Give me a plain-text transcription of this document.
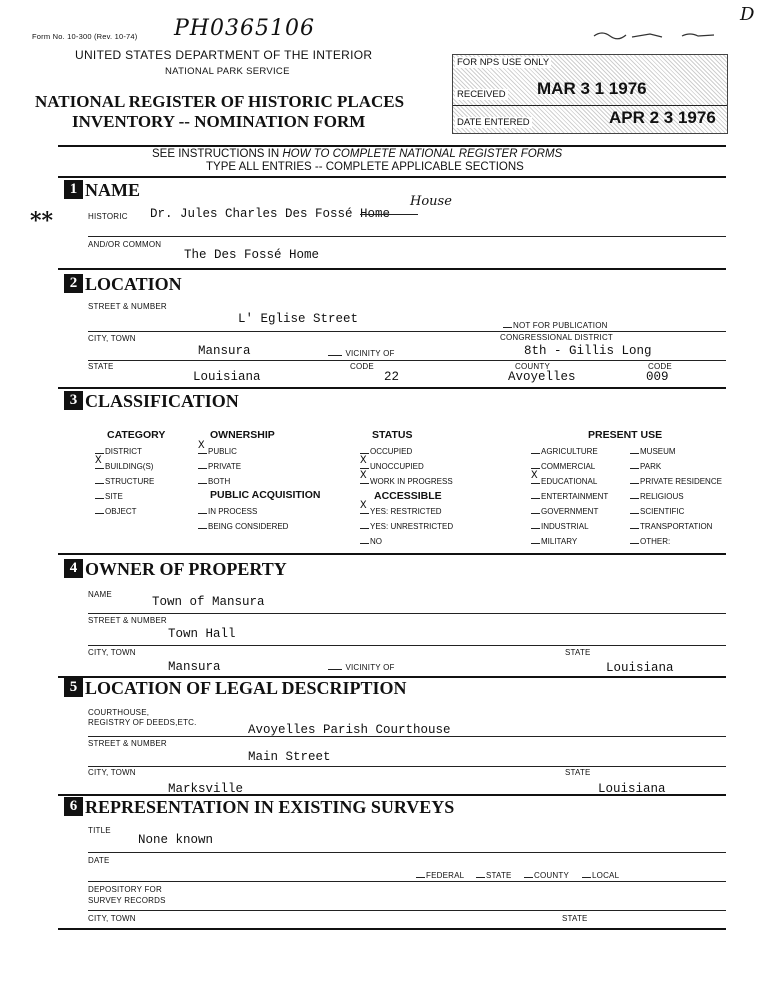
Form No. 10-300 (Rev. 10-74) PH0365106
D
UNITED STATES DEPARTMENT OF THE INTERIOR
NATIONAL PARK SERVICE
NATIONAL REGISTER OF HISTORIC PLACES
INVENTORY -- NOMINATION FORM
FOR NPS USE ONLY
RECEIVED MAR 3 1 1976
DATE ENTERED	APR 2 3 1976
SEE INSTRUCTIONS IN HOW TO COMPLETE NATIONAL REGISTER FORMS
TYPE ALL ENTRIES -- COMPLETE APPLICABLE SECTIONS
1 NAME
**	HISTORIC Dr. Jules Charles Des Fossé Home
House
AND/OR COMMON
The Des Fossé Home
2 LOCATION
STREET & NUMBER
L' Eglise Street	NOT FOR PUBLICATION
CITY, TOWN	CONGRESSIONAL DISTRICT
Mansura	VICINITY OF	8th - Gillis Long
STATE	CODE	COUNTY	CODE
Louisiana	22	Avoyelles	009
3 CLASSIFICATION
CATEGORY	OWNERSHIP	STATUS	PRESENT USE
PUBLIC ACQUISITION	ACCESSIBLE
DISTRICT
X BUILDING(S)
STRUCTURE
SITE
OBJECT
X PUBLIC
PRIVATE
BOTH
IN PROCESS
BEING CONSIDERED
OCCUPIED
X UNOCCUPIED
X WORK IN PROGRESS
X YES: RESTRICTED
YES: UNRESTRICTED
NO
AGRICULTURE
COMMERCIAL
X EDUCATIONAL
ENTERTAINMENT
GOVERNMENT
INDUSTRIAL
MILITARY
MUSEUM
PARK
PRIVATE RESIDENCE
RELIGIOUS
SCIENTIFIC
TRANSPORTATION
OTHER:
4 OWNER OF PROPERTY
NAME
Town of Mansura
STREET & NUMBER
Town Hall
CITY, TOWN	STATE
Mansura	VICINITY OF	Louisiana
5 LOCATION OF LEGAL DESCRIPTION
COURTHOUSE,
REGISTRY OF DEEDS,ETC.
Avoyelles Parish Courthouse
STREET & NUMBER
Main Street
CITY, TOWN	STATE
Marksville	Louisiana
6 REPRESENTATION IN EXISTING SURVEYS
TITLE
None known
DATE
FEDERAL	STATE	COUNTY	LOCAL
DEPOSITORY FOR
SURVEY RECORDS
CITY, TOWN	STATE
